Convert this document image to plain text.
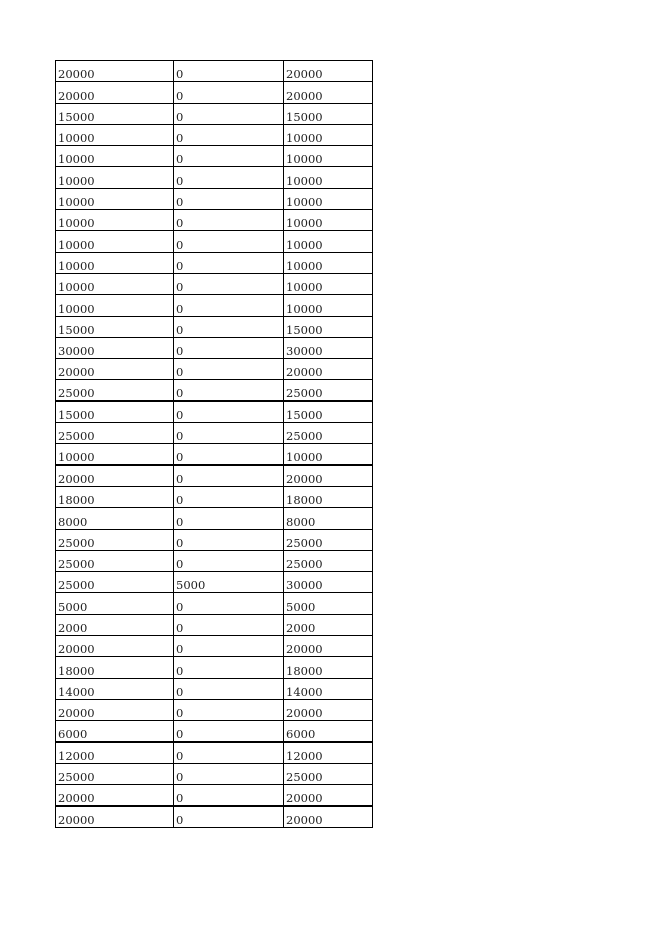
20000	0	20000
20000	0	20000
15000	0	15000
10000	0	10000
10000	0	10000
10000	0	10000
10000	0	10000
10000	0	10000
10000	0	10000
10000	0	10000
10000	0	10000
10000	0	10000
15000	0	15000
30000	0	30000
20000	0	20000
25000	0	25000
15000	0	15000
25000	0	25000
10000	0	10000
20000	0	20000
18000	0	18000
8000	0	8000
25000	0	25000
25000	0	25000
25000	5000	30000
5000	0	5000
2000	0	2000
20000	0	20000
18000	0	18000
14000	0	14000
20000	0	20000
6000	0	6000
12000	0	12000
25000	0	25000
20000	0	20000
20000	0	20000
